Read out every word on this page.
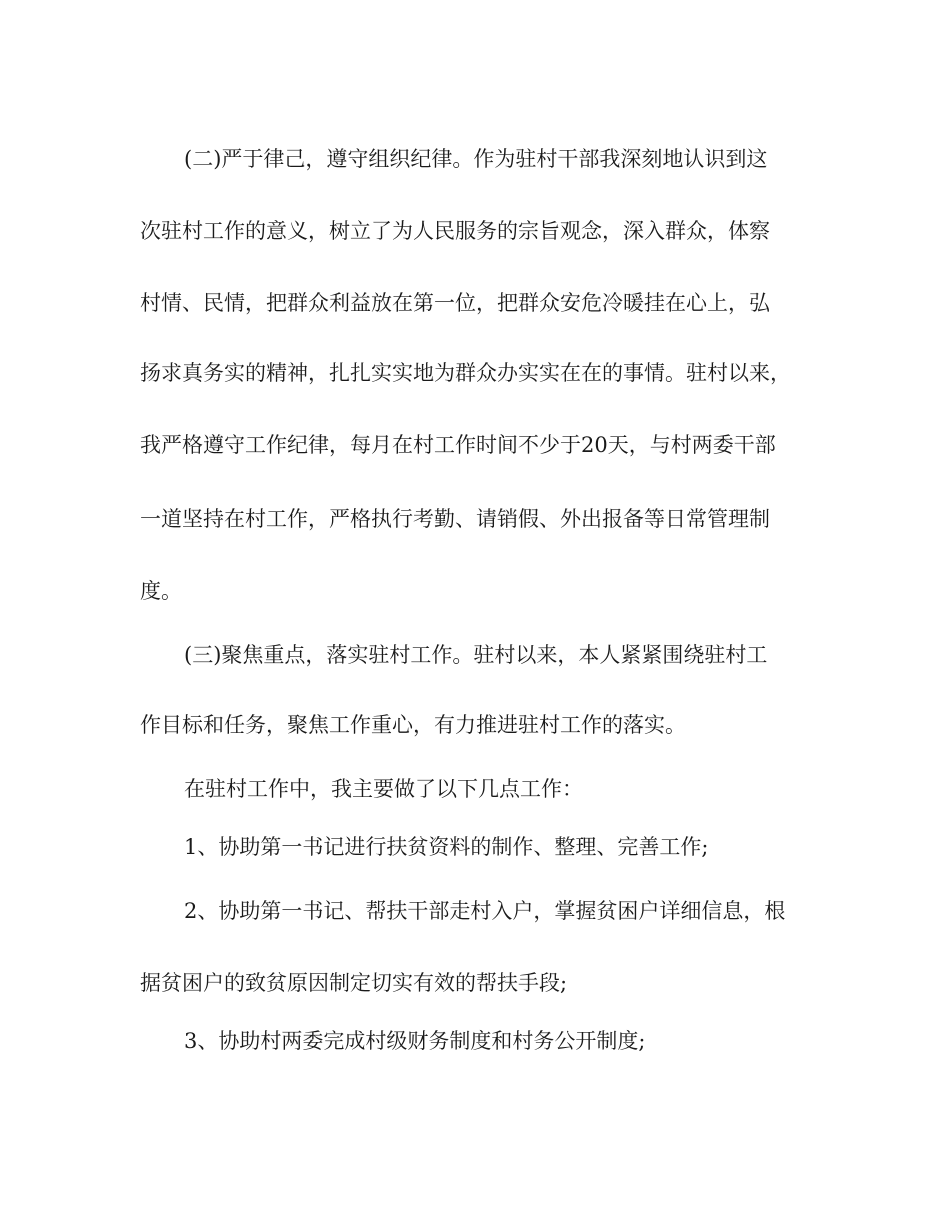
(二)严于律己，遵守组织纪律。作为驻村干部我深刻地认识到这
次驻村工作的意义，树立了为人民服务的宗旨观念，深入群众，体察
村情、民情，把群众利益放在第一位，把群众安危冷暖挂在心上，弘
扬求真务实的精神，扎扎实实地为群众办实实在在的事情。驻村以来，
我严格遵守工作纪律，每月在村工作时间不少于20天，与村两委干部
一道坚持在村工作，严格执行考勤、请销假、外出报备等日常管理制
度。
(三)聚焦重点，落实驻村工作。驻村以来，本人紧紧围绕驻村工
作目标和任务，聚焦工作重心，有力推进驻村工作的落实。
在驻村工作中，我主要做了以下几点工作：
1、协助第一书记进行扶贫资料的制作、整理、完善工作;
2、协助第一书记、帮扶干部走村入户，掌握贫困户详细信息，根
据贫困户的致贫原因制定切实有效的帮扶手段;
3、协助村两委完成村级财务制度和村务公开制度;
